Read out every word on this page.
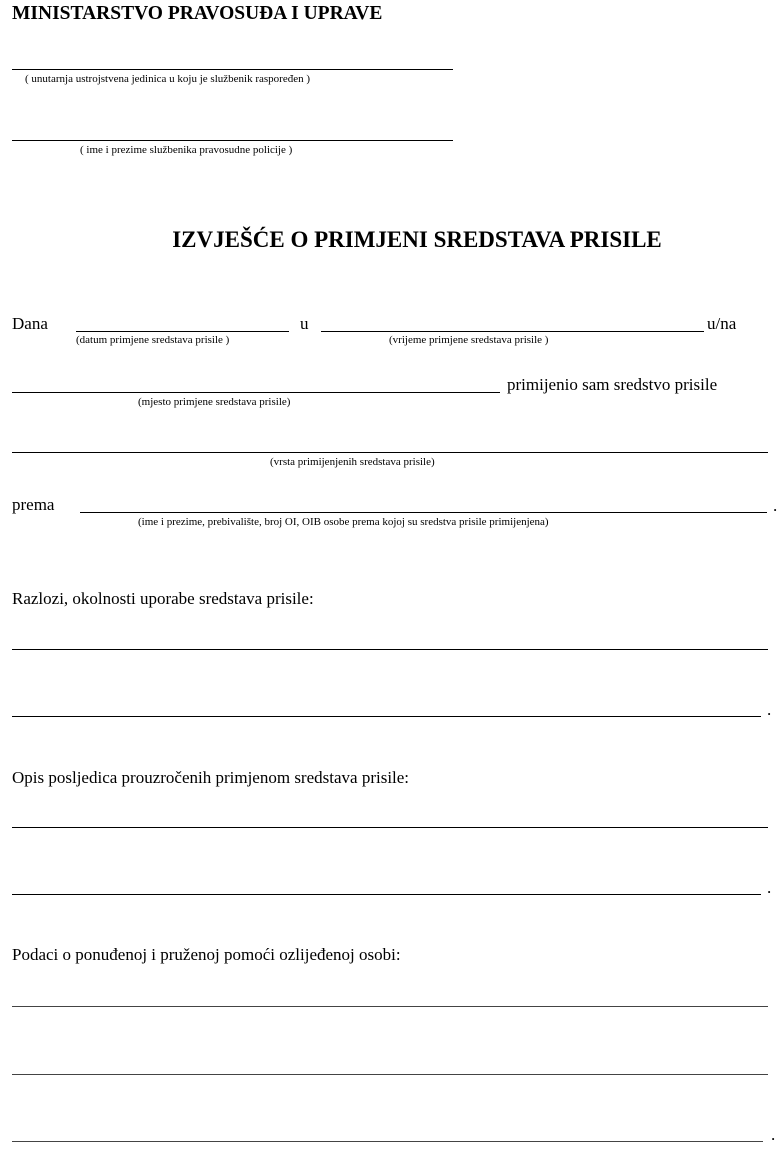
MINISTARSTVO PRAVOSUĐA I UPRAVE
( unutarnja ustrojstvena jedinica u koju je službenik raspoređen )
( ime i prezime službenika pravosudne policije )
IZVJEŠĆE O PRIMJENI SREDSTAVA PRISILE
Dana	u	u/na
(datum primjene sredstava prisile )	(vrijeme primjene sredstava prisile )
primijenio sam sredstvo prisile
(mjesto primjene sredstava prisile)
(vrsta primijenjenih sredstava prisile)
prema	.
(ime i prezime, prebivalište, broj OI, OIB osobe prema kojoj su sredstva prisile primijenjena)
Razlozi, okolnosti uporabe sredstava prisile:
.
Opis posljedica prouzročenih primjenom sredstava prisile:
.
Podaci o ponuđenoj i pruženoj pomoći ozlijeđenoj osobi:
.
